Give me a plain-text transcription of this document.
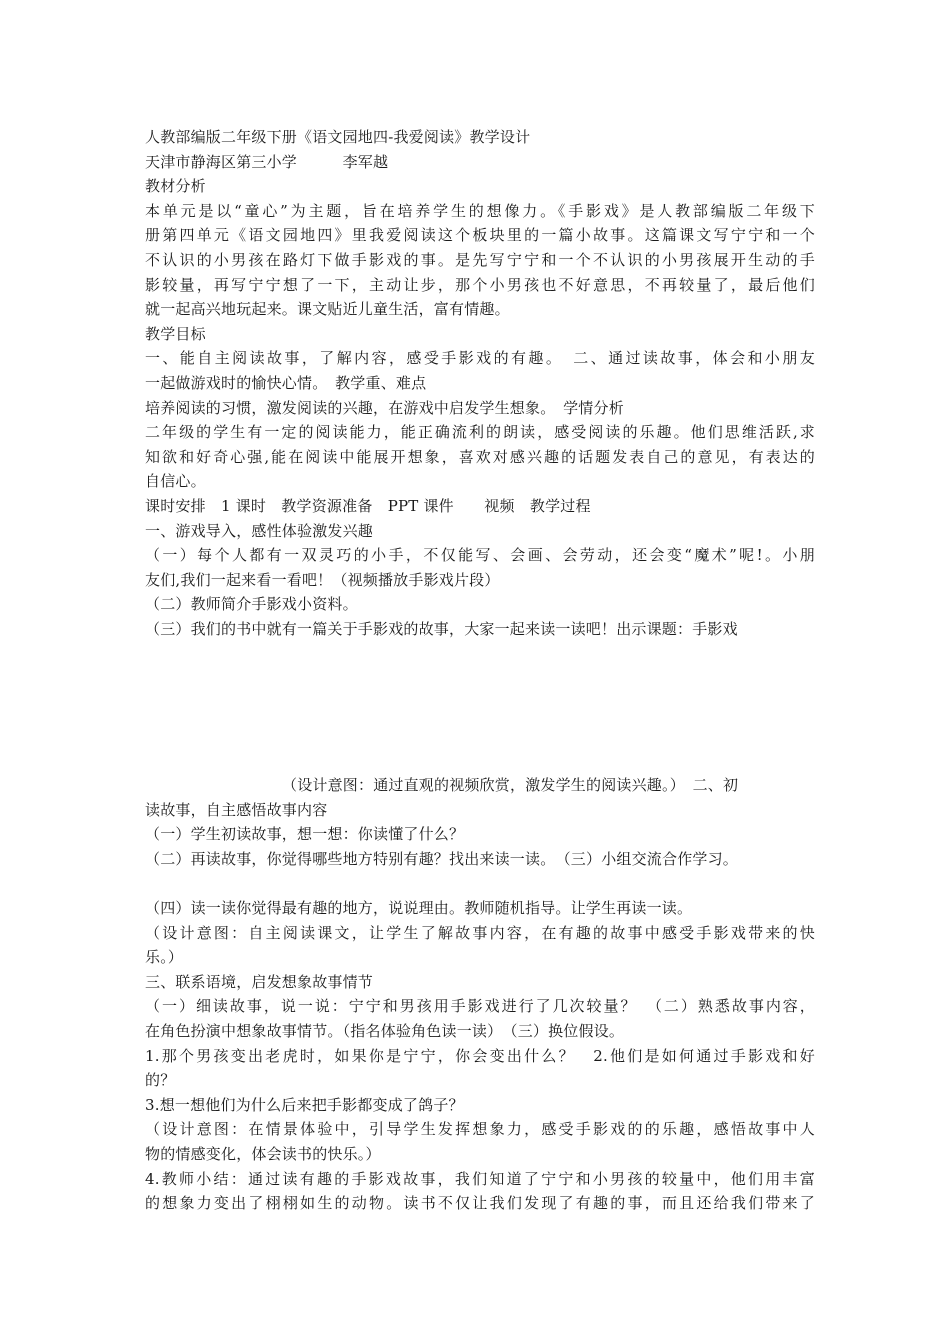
人教部编版二年级下册《语文园地四-我爱阅读》教学设计
天津市静海区第三小学　　　李军越
教材分析
本单元是以“童心”为主题，旨在培养学生的想像力。《手影戏》是人教部编版二年级下
册第四单元《语文园地四》里我爱阅读这个板块里的一篇小故事。这篇课文写宁宁和一个
不认识的小男孩在路灯下做手影戏的事。是先写宁宁和一个不认识的小男孩展开生动的手
影较量，再写宁宁想了一下，主动让步，那个小男孩也不好意思，不再较量了，最后他们
就一起高兴地玩起来。课文贴近儿童生活，富有情趣。
教学目标
一、能自主阅读故事，了解内容，感受手影戏的有趣。　二、通过读故事，体会和小朋友
一起做游戏时的愉快心情。　教学重、难点
培养阅读的习惯，激发阅读的兴趣，在游戏中启发学生想象。　学情分析
二年级的学生有一定的阅读能力，能正确流利的朗读，感受阅读的乐趣。他们思维活跃,求
知欲和好奇心强,能在阅读中能展开想象，喜欢对感兴趣的话题发表自己的意见，有表达的
自信心。
课时安排　1 课时　教学资源准备　PPT 课件　　视频　教学过程
一、游戏导入，感性体验激发兴趣
（一）每个人都有一双灵巧的小手，不仅能写、会画、会劳动，还会变“魔术”呢!。小朋
友们,我们一起来看一看吧！（视频播放手影戏片段）
（二）教师简介手影戏小资料。
（三）我们的书中就有一篇关于手影戏的故事，大家一起来读一读吧！出示课题：手影戏
（设计意图：通过直观的视频欣赏，激发学生的阅读兴趣。）　二、初
读故事，自主感悟故事内容
（一）学生初读故事，想一想：你读懂了什么？
（二）再读故事，你觉得哪些地方特别有趣？找出来读一读。　（三）小组交流合作学习。
（四）读一读你觉得最有趣的地方，说说理由。教师随机指导。让学生再读一读。
（设计意图：自主阅读课文，让学生了解故事内容，在有趣的故事中感受手影戏带来的快
乐。）
三、联系语境，启发想象故事情节
（一）细读故事，说一说：宁宁和男孩用手影戏进行了几次较量？　（二）熟悉故事内容，
在角色扮演中想象故事情节。（指名体验角色读一读）　（三）换位假设。
1.那个男孩变出老虎时，如果你是宁宁，你会变出什么？　2.他们是如何通过手影戏和好
的？
3.想一想他们为什么后来把手影都变成了鸽子？
（设计意图：在情景体验中，引导学生发挥想象力，感受手影戏的的乐趣，感悟故事中人
物的情感变化，体会读书的快乐。）
4.教师小结：通过读有趣的手影戏故事，我们知道了宁宁和小男孩的较量中，他们用丰富
的想象力变出了栩栩如生的动物。读书不仅让我们发现了有趣的事，而且还给我们带来了
